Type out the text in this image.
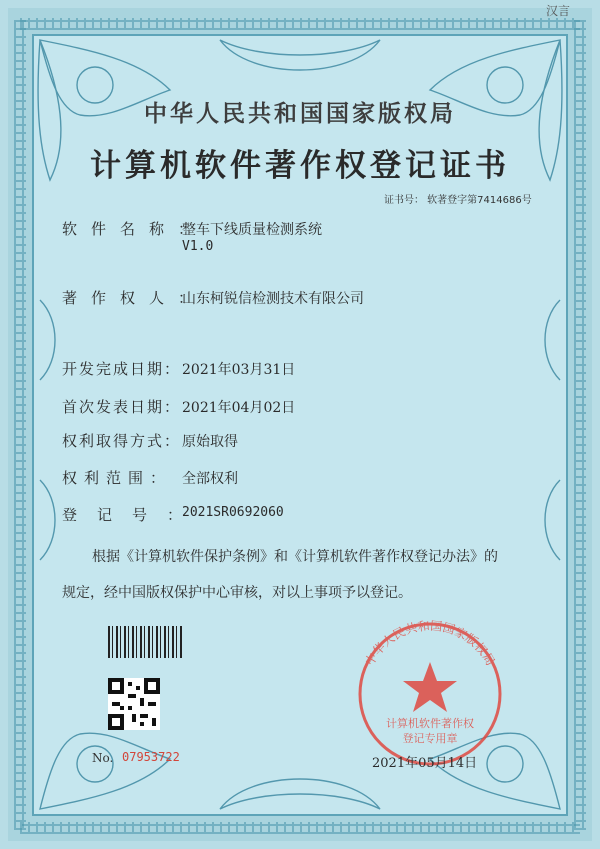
汉言
中华人民共和国国家版权局
计算机软件著作权登记证书
证书号： 软著登字第7414686号
软件名称：
整车下线质量检测系统
V1.0
著作权人：
山东柯锐信检测技术有限公司
开发完成日期： 2021年03月31日
首次发表日期： 2021年04月02日
权利取得方式： 原始取得
权利范围： 全部权利
登记号：
2021SR0692060
根据《计算机软件保护条例》和《计算机软件著作权登记办法》的
规定，经中国版权保护中心审核，对以上事项予以登记。
No. 07953722
中华人民共和国国家版权局
计算机软件著作权
登记专用章
2021年05月14日
